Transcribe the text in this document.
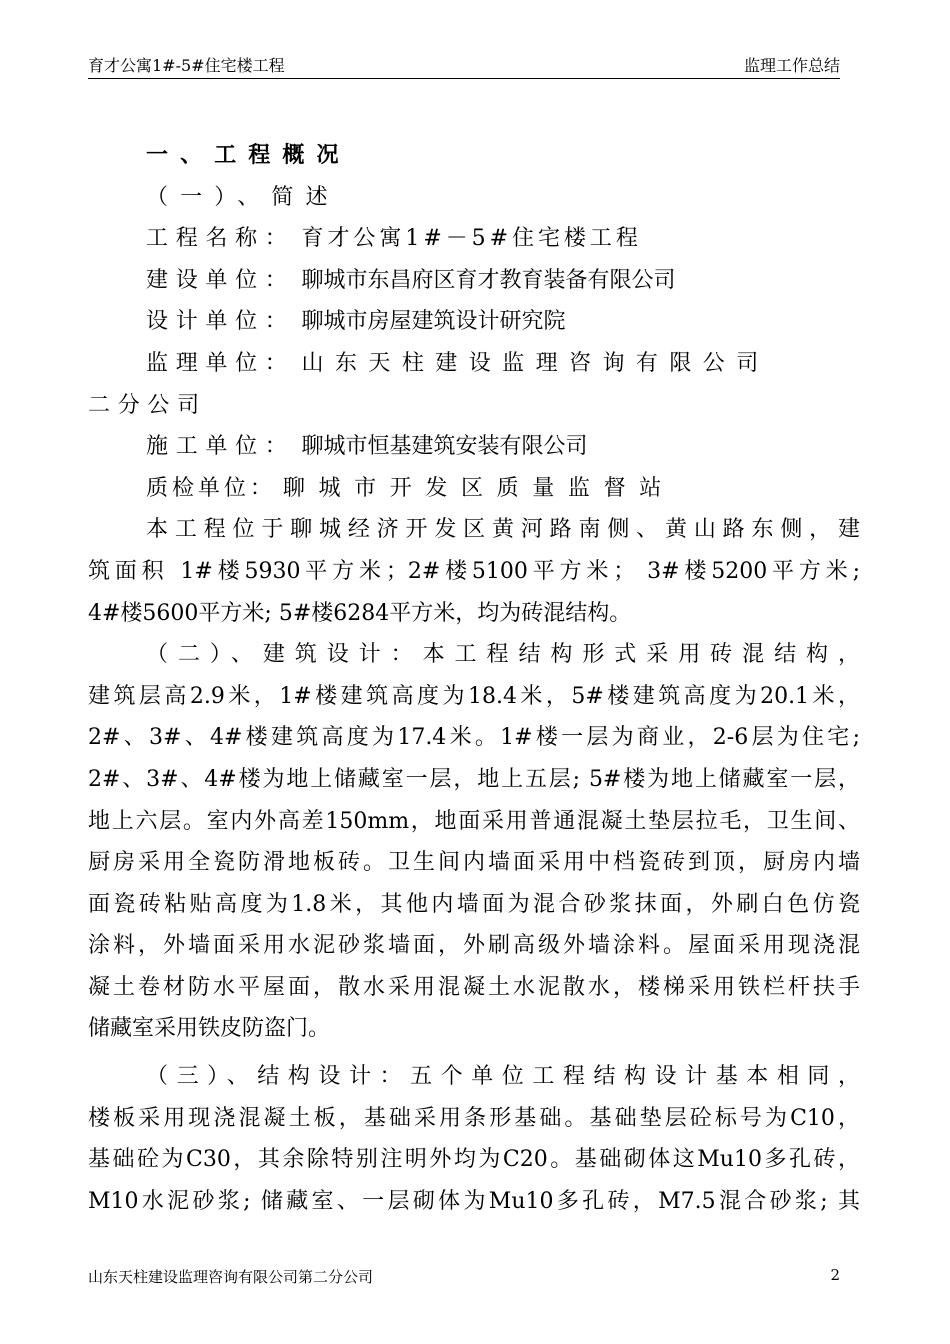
育才公寓1#-5#住宅楼工程	监理工作总结
一、工程概况
（一）、简述
工程名称： 育才公寓1#－5#住宅楼工程
建设单位： 聊城市东昌府区育才教育装备有限公司
设计单位： 聊城市房屋建筑设计研究院
监理单位： 山东天柱建设监理咨询有限公司
二分公司
施工单位： 聊城市恒基建筑安装有限公司
质检单位： 聊城市开发区质量监督站
本工程位于聊城经济开发区黄河路南侧、黄山路东侧，建
筑面积 1#楼5930平方米；2#楼5100平方米； 3#楼5200平方米;
4#楼5600平方米; 5#楼6284平方米，均为砖混结构。
（二）、建筑设计：本工程结构形式采用砖混结构，
建筑层高2.9米，1#楼建筑高度为18.4米，5#楼建筑高度为20.1米，
2#、3#、4#楼建筑高度为17.4米。1#楼一层为商业，2-6层为住宅;
2#、3#、4#楼为地上储藏室一层，地上五层; 5#楼为地上储藏室一层，
地上六层。室内外高差150mm，地面采用普通混凝土垫层拉毛，卫生间、
厨房采用全瓷防滑地板砖。卫生间内墙面采用中档瓷砖到顶，厨房内墙
面瓷砖粘贴高度为1.8米，其他内墙面为混合砂浆抹面，外刷白色仿瓷
涂料，外墙面采用水泥砂浆墙面，外刷高级外墙涂料。屋面采用现浇混
凝土卷材防水平屋面，散水采用混凝土水泥散水，楼梯采用铁栏杆扶手
储藏室采用铁皮防盗门。
（三）、结构设计：五个单位工程结构设计基本相同，
楼板采用现浇混凝土板，基础采用条形基础。基础垫层砼标号为C10，
基础砼为C30，其余除特别注明外均为C20。基础砌体这Mu10多孔砖，
M10水泥砂浆; 储藏室、一层砌体为Mu10多孔砖，M7.5混合砂浆; 其
山东天柱建设监理咨询有限公司第二分公司	2
